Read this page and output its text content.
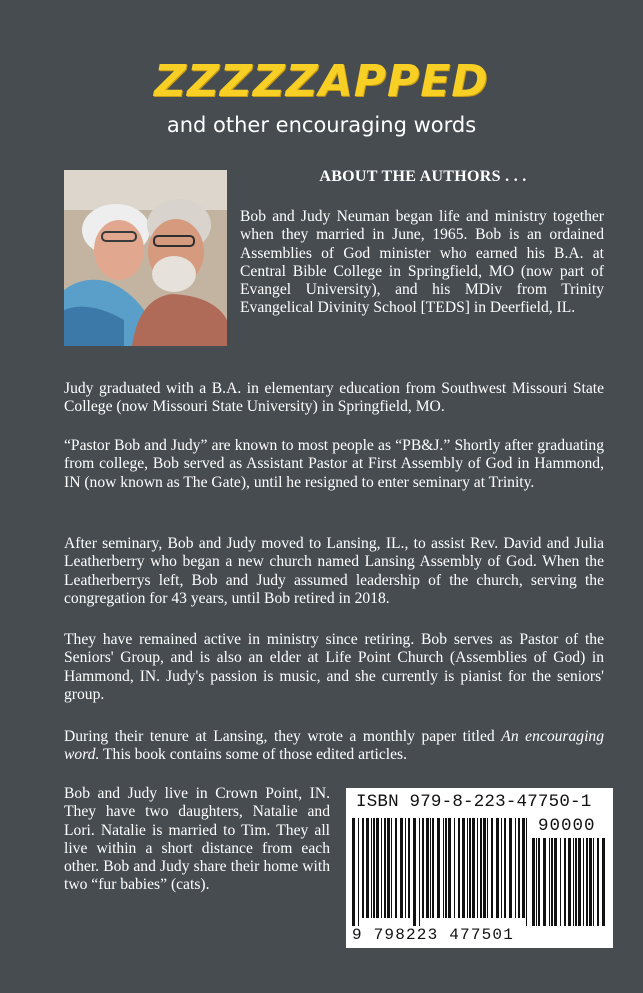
ZZZZZAPPED
and other encouraging words
ABOUT THE AUTHORS . . .

Bob and Judy Neuman began life and ministry together when they married in June, 1965. Bob is an ordained Assemblies of God minister who earned his B.A. at Central Bible College in Springfield, MO (now part of Evangel University), and his MDiv from Trinity Evangelical Divinity School [TEDS] in Deerfield, IL.

Judy graduated with a B.A. in elementary education from Southwest Missouri State College (now Missouri State University) in Springfield, MO.

“Pastor Bob and Judy” are known to most people as “PB&J.” Shortly after graduating from college, Bob served as Assistant Pastor at First Assembly of God in Hammond, IN (now known as The Gate), until he resigned to enter seminary at Trinity.

After seminary, Bob and Judy moved to Lansing, IL., to assist Rev. David and Julia Leatherberry who began a new church named Lansing Assembly of God. When the Leatherberrys left, Bob and Judy assumed leadership of the church, serving the congregation for 43 years, until Bob retired in 2018.

They have remained active in ministry since retiring. Bob serves as Pastor of the Seniors' Group, and is also an elder at Life Point Church (Assemblies of God) in Hammond, IN. Judy's passion is music, and she currently is pianist for the seniors' group.

During their tenure at Lansing, they wrote a monthly paper titled An encouraging word. This book contains some of those edited articles.

Bob and Judy live in Crown Point, IN. They have two daughters, Natalie and Lori. Natalie is married to Tim. They all live within a short distance from each other. Bob and Judy share their home with two “fur babies” (cats).

ISBN 979-8-223-47750-1
90000
9 798223 477501
